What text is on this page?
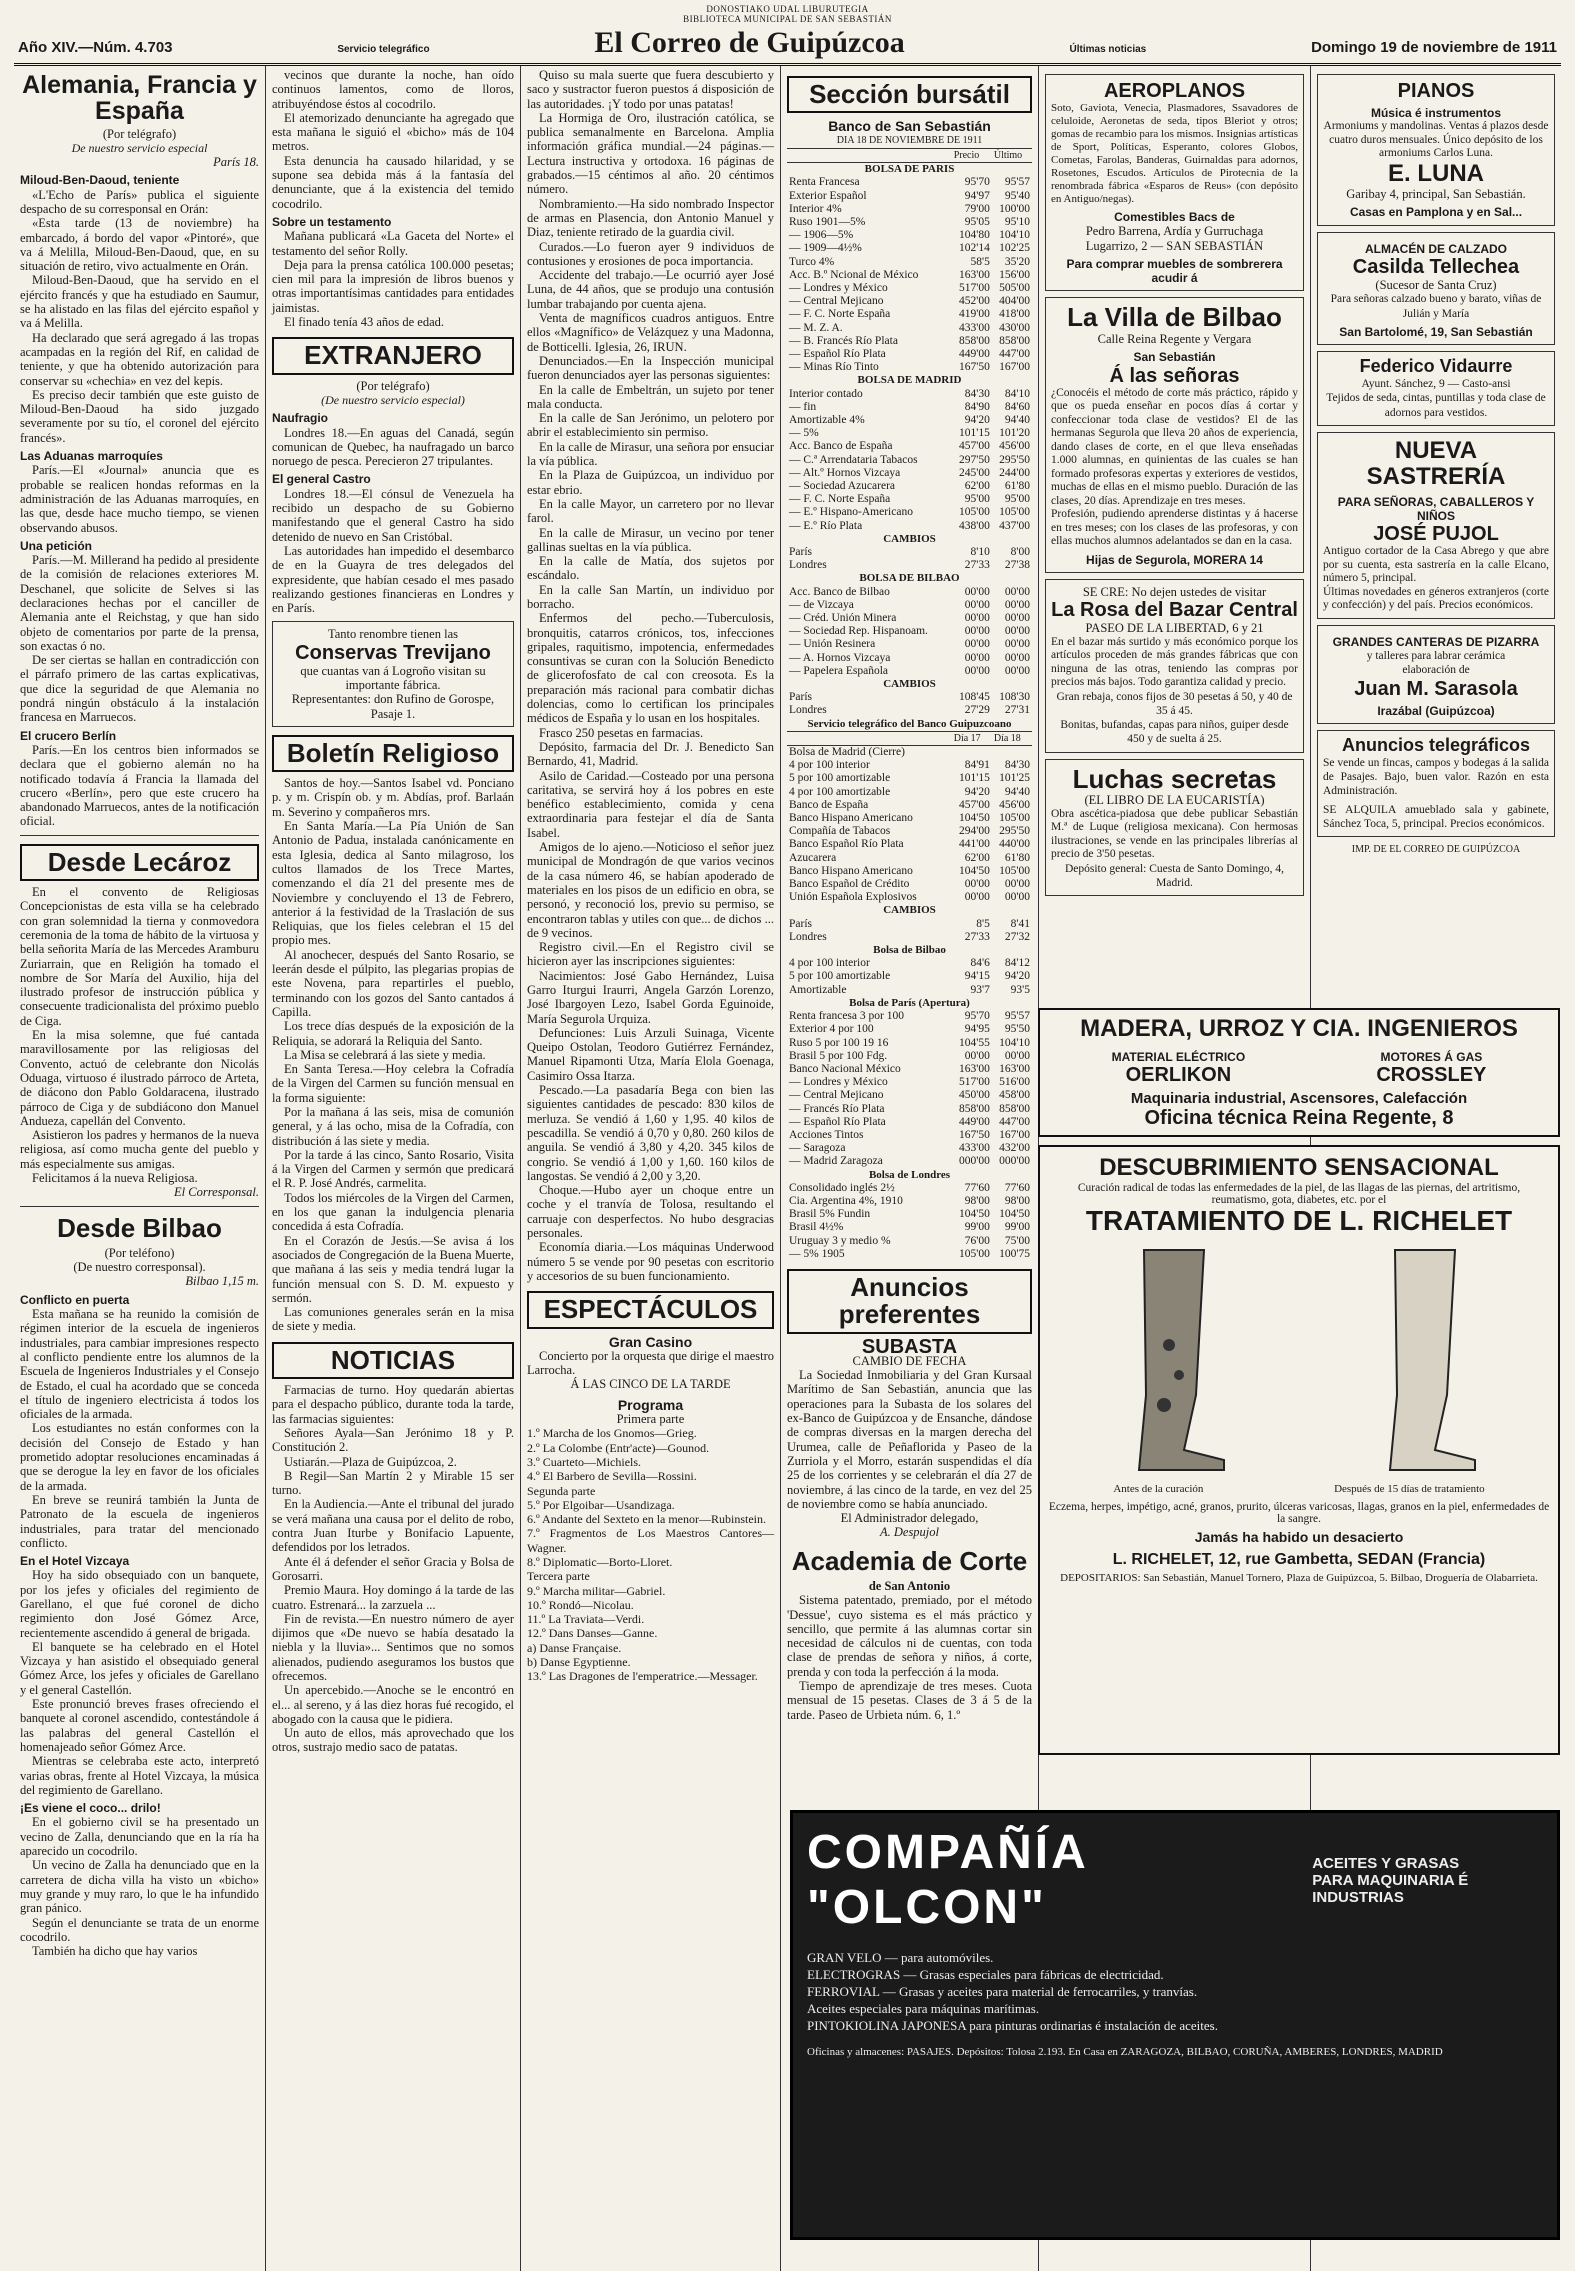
DONOSTIAKO UDAL LIBURUTEGIA
BIBLIOTECA MUNICIPAL DE SAN SEBASTIÁN
Año XIV.—Núm. 4.703	Servicio telegráfico	El Correo de Guipúzcoa	Últimas noticias	Domingo 19 de noviembre de 1911
Alemania, Francia y España
(Por telégrafo)
De nuestro servicio especial
París 18.
Miloud-Ben-Daoud, teniente

«L'Echo de París» publica el siguiente despacho de su corresponsal en Orán:

«Esta tarde (13 de noviembre) ha embarcado, á bordo del vapor «Pintoré», que va á Melilla, Miloud-Ben-Daoud, que, en su situación de retiro, vivo actualmente en Orán.

Miloud-Ben-Daoud, que ha servido en el ejército francés y que ha estudiado en Saumur, se ha alistado en las filas del ejército español y va á Melilla.

Ha declarado que será agregado á las tropas acampadas en la región del Rif, en calidad de teniente, y que ha obtenido autorización para conservar su «chechia» en vez del kepis.

Es preciso decir también que este guisto de Miloud-Ben-Daoud ha sido juzgado severamente por su tío, el coronel del ejército francés».

Las Aduanas marroquíes

París.—El «Journal» anuncia que es probable se realicen hondas reformas en la administración de las Aduanas marroquíes, en las que, desde hace mucho tiempo, se vienen observando abusos.

Una petición

París.—M. Millerand ha pedido al presidente de la comisión de relaciones exteriores M. Deschanel, que solicite de Selves si las declaraciones hechas por el canciller de Alemania ante el Reichstag, y que han sido objeto de comentarios por parte de la prensa, son exactas ó no.

De ser ciertas se hallan en contradicción con el párrafo primero de las cartas explicativas, que dice la seguridad de que Alemania no pondrá ningún obstáculo á la instalación francesa en Marruecos.

El crucero Berlín

París.—En los centros bien informados se declara que el gobierno alemán no ha notificado todavía á Francia la llamada del crucero «Berlín», pero que este crucero ha abandonado Marruecos, antes de la notificación oficial.

Desde Lecároz

En el convento de Religiosas Concepcionistas de esta villa se ha celebrado con gran solemnidad la tierna y conmovedora ceremonia de la toma de hábito de la virtuosa y bella señorita María de las Mercedes Aramburu Zuriarrain, que en Religión ha tomado el nombre de Sor María del Auxilio, hija del ilustrado profesor de instrucción pública y consecuente tradicionalista del próximo pueblo de Ciga.

En la misa solemne, que fué cantada maravillosamente por las religiosas del Convento, actuó de celebrante don Nicolás Oduaga, virtuoso é ilustrado párroco de Arteta, de diácono don Pablo Goldaracena, ilustrado párroco de Ciga y de subdiácono don Manuel Andueza, capellán del Convento.

Asistieron los padres y hermanos de la nueva religiosa, así como mucha gente del pueblo y más especialmente sus amigas.

Felicitamos á la nueva Religiosa.

El Corresponsal.
Desde Bilbao
(Por teléfono)
(De nuestro corresponsal).
Bilbao 1,15 m.
Conflicto en puerta

Esta mañana se ha reunido la comisión de régimen interior de la escuela de ingenieros industriales, para cambiar impresiones respecto al conflicto pendiente entre los alumnos de la Escuela de Ingenieros Industriales y el Consejo de Estado, el cual ha acordado que se conceda el título de ingeniero electricista á todos los oficiales de la armada.

Los estudiantes no están conformes con la decisión del Consejo de Estado y han prometido adoptar resoluciones encaminadas á que se derogue la ley en favor de los oficiales de la armada.

En breve se reunirá también la Junta de Patronato de la escuela de ingenieros industriales, para tratar del mencionado conflicto.

En el Hotel Vizcaya

Hoy ha sido obsequiado con un banquete, por los jefes y oficiales del regimiento de Garellano, el que fué coronel de dicho regimiento don José Gómez Arce, recientemente ascendido á general de brigada.

El banquete se ha celebrado en el Hotel Vizcaya y han asistido el obsequiado general Gómez Arce, los jefes y oficiales de Garellano y el general Castellón.

Este pronunció breves frases ofreciendo el banquete al coronel ascendido, contestándole á las palabras del general Castellón el homenajeado señor Gómez Arce.

Mientras se celebraba este acto, interpretó varias obras, frente al Hotel Vizcaya, la música del regimiento de Garellano.

¡Es viene el coco... drilo!

En el gobierno civil se ha presentado un vecino de Zalla, denunciando que en la ría ha aparecido un cocodrilo.

Un vecino de Zalla ha denunciado que en la carretera de dicha villa ha visto un «bicho» muy grande y muy raro, lo que le ha infundido gran pánico.

Según el denunciante se trata de un enorme cocodrilo.

También ha dicho que hay varios

vecinos que durante la noche, han oído continuos lamentos, como de lloros, atribuyéndose éstos al cocodrilo.

El atemorizado denunciante ha agregado que esta mañana le siguió el «bicho» más de 104 metros.

Esta denuncia ha causado hilaridad, y se supone sea debida más á la fantasía del denunciante, que á la existencia del temido cocodrilo.

Sobre un testamento

Mañana publicará «La Gaceta del Norte» el testamento del señor Rolly.

Deja para la prensa católica 100.000 pesetas; cien mil para la impresión de libros buenos y otras importantísimas cantidades para entidades jaimistas.

El finado tenía 43 años de edad.

EXTRANJERO
(Por telégrafo)
(De nuestro servicio especial)
Naufragio

Londres 18.—En aguas del Canadá, según comunican de Quebec, ha naufragado un barco noruego de pesca. Perecieron 27 tripulantes.

El general Castro

Londres 18.—El cónsul de Venezuela ha recibido un despacho de su Gobierno manifestando que el general Castro ha sido detenido de nuevo en San Cristóbal.

Las autoridades han impedido el desembarco de en la Guayra de tres delegados del expresidente, que habían cesado el mes pasado realizando gestiones financieras en Londres y en París.

Tanto renombre tienen las
Conservas Trevijano
que cuantas van á Logroño visitan su importante fábrica.
Representantes: don Rufino de Gorospe, Pasaje 1.
Boletín Religioso

Santos de hoy.—Santos Isabel vd. Ponciano p. y m. Crispín ob. y m. Abdías, prof. Barlaán m. Severino y compañeros mrs.

En Santa María.—La Pía Unión de San Antonio de Padua, instalada canónicamente en esta Iglesia, dedica al Santo milagroso, los cultos llamados de los Trece Martes, comenzando el día 21 del presente mes de Noviembre y concluyendo el 13 de Febrero, anterior á la festividad de la Traslación de sus Reliquias, que los fieles celebran el 15 del propio mes.

Al anochecer, después del Santo Rosario, se leerán desde el púlpito, las plegarias propias de este Novena, para repartirles el pueblo, terminando con los gozos del Santo cantados á Capilla.

Los trece días después de la exposición de la Reliquia, se adorará la Reliquia del Santo.

La Misa se celebrará á las siete y media.

En Santa Teresa.—Hoy celebra la Cofradía de la Virgen del Carmen su función mensual en la forma siguiente:

Por la mañana á las seis, misa de comunión general, y á las ocho, misa de la Cofradía, con distribución á las siete y media.

Por la tarde á las cinco, Santo Rosario, Visita á la Virgen del Carmen y sermón que predicará el R. P. José Andrés, carmelita.

Todos los miércoles de la Virgen del Carmen, en los que ganan la indulgencia plenaria concedida á esta Cofradía.

En el Corazón de Jesús.—Se avisa á los asociados de Congregación de la Buena Muerte, que mañana á las seis y media tendrá lugar la función mensual con S. D. M. expuesto y sermón.

Las comuniones generales serán en la misa de siete y media.

NOTICIAS

Farmacias de turno. Hoy quedarán abiertas para el despacho público, durante toda la tarde, las farmacias siguientes:

Señores Ayala—San Jerónimo 18 y P. Constitución 2.

Ustiarán.—Plaza de Guipúzcoa, 2.

B Regil—San Martín 2 y Mirable 15 ser turno.

En la Audiencia.—Ante el tribunal del jurado se verá mañana una causa por el delito de robo, contra Juan Iturbe y Bonifacio Lapuente, defendidos por los letrados.

Ante él á defender el señor Gracia y Bolsa de Gorosarri.

Premio Maura. Hoy domingo á la tarde de las cuatro. Estrenará... la zarzuela ...

Fin de revista.—En nuestro número de ayer dijimos que «De nuevo se había desatado la niebla y la lluvia»... Sentimos que no somos alienados, pudiendo aseguramos los bustos que ofrecemos.

Un apercebido.—Anoche se le encontró en el... al sereno, y á las diez horas fué recogido, el abogado con la causa que le pidiera.

Un auto de ellos, más aprovechado que los otros, sustrajo medio saco de patatas.

Quiso su mala suerte que fuera descubierto y saco y sustractor fueron puestos á disposición de las autoridades. ¡Y todo por unas patatas!

La Hormiga de Oro, ilustración católica, se publica semanalmente en Barcelona. Amplia información gráfica mundial.—24 páginas.—Lectura instructiva y ortodoxa. 16 páginas de grabados.—15 céntimos al año. 20 céntimos número.

Nombramiento.—Ha sido nombrado Inspector de armas en Plasencia, don Antonio Manuel y Diaz, teniente retirado de la guardia civil.

Curados.—Lo fueron ayer 9 individuos de contusiones y erosiones de poca importancia.

Accidente del trabajo.—Le ocurrió ayer José Luna, de 44 años, que se produjo una contusión lumbar trabajando por cuenta ajena.

Venta de magníficos cuadros antiguos. Entre ellos «Magnífico» de Velázquez y una Madonna, de Botticelli. Iglesia, 26, IRUN.

Denunciados.—En la Inspección municipal fueron denunciados ayer las personas siguientes:

En la calle de Embeltrán, un sujeto por tener mala conducta.

En la calle de San Jerónimo, un pelotero por abrir el establecimiento sin permiso.

En la calle de Mirasur, una señora por ensuciar la vía pública.

En la Plaza de Guipúzcoa, un individuo por estar ebrio.

En la calle Mayor, un carretero por no llevar farol.

En la calle de Mirasur, un vecino por tener gallinas sueltas en la vía pública.

En la calle de Matía, dos sujetos por escándalo.

En la calle San Martín, un individuo por borracho.

Enfermos del pecho.—Tuberculosis, bronquitis, catarros crónicos, tos, infecciones gripales, raquitismo, impotencia, enfermedades consuntivas se curan con la Solución Benedicto de glicerofosfato de cal con creosota. Es la preparación más racional para combatir dichas dolencias, como lo certifican los principales médicos de España y lo usan en los hospitales.

Frasco 250 pesetas en farmacias.

Depósito, farmacia del Dr. J. Benedicto San Bernardo, 41, Madrid.

Asilo de Caridad.—Costeado por una persona caritativa, se servirá hoy á los pobres en este benéfico establecimiento, comida y cena extraordinaria para festejar el día de Santa Isabel.

Amigos de lo ajeno.—Noticioso el señor juez municipal de Mondragón de que varios vecinos de la casa número 46, se habían apoderado de materiales en los pisos de un edificio en obra, se personó, y reconoció los, previo su permiso, se encontraron tablas y utiles con que... de dichos ... de 9 vecinos.

Registro civil.—En el Registro civil se hicieron ayer las inscripciones siguientes:

Nacimientos: José Gabo Hernández, Luisa Garro Iturgui Iraurri, Angela Garzón Lorenzo, José Ibargoyen Lezo, Isabel Gorda Eguinoide, María Segurola Urquiza.

Defunciones: Luis Arzuli Suinaga, Vicente Queipo Ostolan, Teodoro Gutiérrez Fernández, Manuel Ripamonti Utza, María Elola Goenaga, Casimiro Ossa Itarza.

Pescado.—La pasadaría Bega con bien las siguientes cantidades de pescado: 830 kilos de merluza. Se vendió á 1,60 y 1,95. 40 kilos de pescadilla. Se vendió á 0,70 y 0,80. 260 kilos de anguila. Se vendió á 3,80 y 4,20. 345 kilos de congrio. Se vendió á 1,00 y 1,60. 160 kilos de langostas. Se vendió á 2,00 y 3,20.

Choque.—Hubo ayer un choque entre un coche y el tranvía de Tolosa, resultando el carruaje con desperfectos. No hubo desgracias personales.

Economía diaria.—Los máquinas Underwood número 5 se vende por 90 pesetas con escritorio y accesorios de su buen funcionamiento.

ESPECTÁCULOS
Gran Casino

Concierto por la orquesta que dirige el maestro Larrocha.

Á LAS CINCO DE LA TARDE
Programa
Primera parte
1.º Marcha de los Gnomos—Grieg.
2.º La Colombe (Entr'acte)—Gounod.
3.º Cuarteto—Michiels.
4.º El Barbero de Sevilla—Rossini.
Segunda parte
5.º Por Elgoibar—Usandizaga.
6.º Andante del Sexteto en la menor—Rubinstein.
7.º Fragmentos de Los Maestros Cantores—Wagner.
8.º Diplomatic—Borto-Lloret.
Tercera parte
9.º Marcha militar—Gabriel.
10.º Rondó—Nicolau.
11.º La Traviata—Verdi.
12.º Dans Danses—Ganne.
a) Danse Française.
b) Danse Egyptienne.
13.º Las Dragones de l'emperatrice.—Messager.
Sección bursátil
Banco de San Sebastián
DIA 18 DE NOVIEMBRE DE 1911
	Precio	Último
BOLSA DE PARIS		
Renta Francesa	95'70	95'57
Exterior Español	94'97	95'40
Interior 4%	79'00	100'00
Ruso 1901—5%	95'05	95'10
— 1906—5%	104'80	104'10
— 1909—4½%	102'14	102'25
Turco 4%	58'5	35'20
Acc. B.º Ncional de México	163'00	156'00
— Londres y México	517'00	505'00
— Central Mejicano	452'00	404'00
— F. C. Norte España	419'00	418'00
— M. Z. A.	433'00	430'00
— B. Francés Río Plata	858'00	858'00
— Español Río Plata	449'00	447'00
— Minas Río Tinto	167'50	167'00
BOLSA DE MADRID		
Interior contado	84'30	84'10
— fin	84'90	84'60
Amortizable 4%	94'20	94'40
— 5%	101'15	101'20
Acc. Banco de España	457'00	456'00
— C.ª Arrendataria Tabacos	297'50	295'50
— Alt.º Hornos Vizcaya	245'00	244'00
— Sociedad Azucarera	62'00	61'80
— F. C. Norte España	95'00	95'00
— E.º Hispano-Americano	105'00	105'00
— E.º Río Plata	438'00	437'00
CAMBIOS		
París	8'10	8'00
Londres	27'33	27'38
BOLSA DE BILBAO		
Acc. Banco de Bilbao	00'00	00'00
— de Vizcaya	00'00	00'00
— Créd. Unión Minera	00'00	00'00
— Sociedad Rep. Hispanoam.	00'00	00'00
— Unión Resinera	00'00	00'00
— A. Hornos Vizcaya	00'00	00'00
— Papelera Española	00'00	00'00
CAMBIOS		
París	108'45	108'30
Londres	27'29	27'31
Servicio telegráfico del Banco Guipuzcoano		
	Día 17	Día 18
Bolsa de Madrid (Cierre)		
4 por 100 interior	84'91	84'30
5 por 100 amortizable	101'15	101'25
4 por 100 amortizable	94'20	94'40
Banco de España	457'00	456'00
Banco Hispano Americano	104'50	105'00
Compañía de Tabacos	294'00	295'50
Banco Español Río Plata	441'00	440'00
Azucarera	62'00	61'80
Banco Hispano Americano	104'50	105'00
Banco Español de Crédito	00'00	00'00
Unión Española Explosivos	00'00	00'00
CAMBIOS		
París	8'5	8'41
Londres	27'33	27'32
Bolsa de Bilbao		
4 por 100 interior	84'6	84'12
5 por 100 amortizable	94'15	94'20
Amortizable	93'7	93'5
Bolsa de París (Apertura)		
Renta francesa 3 por 100	95'70	95'57
Exterior 4 por 100	94'95	95'50
Ruso 5 por 100 19 16	104'55	104'10
Brasil 5 por 100 Fdg.	00'00	00'00
Banco Nacional México	163'00	163'00
— Londres y México	517'00	516'00
— Central Mejicano	450'00	458'00
— Francés Río Plata	858'00	858'00
— Español Río Plata	449'00	447'00
Acciones Tintos	167'50	167'00
— Saragoza	433'00	432'00
— Madrid Zaragoza	000'00	000'00
Bolsa de Londres		
Consolidado inglés 2½	77'60	77'60
Cia. Argentina 4%, 1910	98'00	98'00
Brasil 5% Fundin	104'50	104'50
Brasil 4½%	99'00	99'00
Uruguay 3 y medio %	76'00	75'00
— 5% 1905	105'00	100'75
Anuncios preferentes
SUBASTA
CAMBIO DE FECHA
La Sociedad Inmobiliaria y del Gran Kursaal Marítimo de San Sebastián, anuncia que las operaciones para la Subasta de los solares del ex-Banco de Guipúzcoa y de Ensanche, dándose de compras diversas en la margen derecha del Urumea, calle de Peñaflorida y Paseo de la Zurriola y el Morro, estarán suspendidas el día 25 de los corrientes y se celebrarán el día 27 de noviembre, á las cinco de la tarde, en vez del 25 de noviembre como se había anunciado.
El Administrador delegado,
A. Despujol
Academia de Corte
de San Antonio
Sistema patentado, premiado, por el método 'Dessue', cuyo sistema es el más práctico y sencillo, que permite á las alumnas cortar sin necesidad de cálculos ni de cuentas, con toda clase de prendas de señora y niños, á corte, prenda y con toda la perfección á la moda.
Tiempo de aprendizaje de tres meses. Cuota mensual de 15 pesetas. Clases de 3 á 5 de la tarde. Paseo de Urbieta núm. 6, 1.º
AEROPLANOS
Soto, Gaviota, Venecia, Plasmadores, Ssavadores de celuloide, Aeronetas de seda, tipos Bleriot y otros; gomas de recambio para los mismos. Insignias artísticas de Sport, Políticas, Esperanto, colores Globos, Cometas, Farolas, Banderas, Guirnaldas para adornos, Rosetones, Escudos. Artículos de Pirotecnia de la renombrada fábrica «Esparos de Reus» (con depósito en Antiguo/negas).
Comestibles Bacs de
Pedro Barrena, Ardía y Gurruchaga
Lugarrizo, 2 — SAN SEBASTIÁN
Para comprar muebles de sombrerera acudir á
La Villa de Bilbao
Calle Reina Regente y Vergara
San Sebastián
Á las señoras
¿Conocéis el método de corte más práctico, rápido y que os pueda enseñar en pocos días á cortar y confeccionar toda clase de vestidos? El de las hermanas Segurola que lleva 20 años de experiencia, dando clases de corte, en el que lleva enseñadas 1.000 alumnas, en quinientas de las cuales se han formado profesoras expertas y exteriores de vestidos, muchas de ellas en el mismo pueblo. Duración de las clases, 20 días. Aprendizaje en tres meses.
Profesión, pudiendo aprenderse distintas y á hacerse en tres meses; con los clases de las profesoras, y con ellas muchos alumnos adelantados se dan en la casa.
Hijas de Segurola, MORERA 14
SE CRE: No dejen ustedes de visitar
La Rosa del Bazar Central
PASEO DE LA LIBERTAD, 6 y 21
En el bazar más surtido y más económico porque los artículos proceden de más grandes fábricas que con ninguna de las otras, teniendo las compras por precios más bajos. Todo garantiza calidad y precio.
Gran rebaja, conos fijos de 30 pesetas á 50, y 40 de 35 á 45.
Bonitas, bufandas, capas para niños, guiper desde 450 y de suelta á 25.
Luchas secretas
(EL LIBRO DE LA EUCARISTÍA)
Obra ascética-piadosa que debe publicar Sebastián M.ª de Luque (religiosa mexicana). Con hermosas ilustraciones, se vende en las principales librerías al precio de 3'50 pesetas.
Depósito general: Cuesta de Santo Domingo, 4, Madrid.
PIANOS
Música é instrumentos
Armoniums y mandolinas. Ventas á plazos desde cuatro duros mensuales. Único depósito de los armoniums Carlos Luna.
E. LUNA
Garibay 4, principal, San Sebastián.
Casas en Pamplona y en Sal...
ALMACÉN DE CALZADO
Casilda Tellechea
(Sucesor de Santa Cruz)
Para señoras calzado bueno y barato, viñas de Julián y María
San Bartolomé, 19, San Sebastián
Federico Vidaurre
Ayunt. Sánchez, 9 — Casto-ansi
Tejidos de seda, cintas, puntillas y toda clase de adornos para vestidos.
NUEVA SASTRERÍA
PARA SEÑORAS, CABALLEROS Y NIÑOS
JOSÉ PUJOL
Antiguo cortador de la Casa Abrego y que abre por su cuenta, esta sastrería en la calle Elcano, número 5, principal.
Últimas novedades en géneros extranjeros (corte y confección) y del país. Precios económicos.
GRANDES CANTERAS DE PIZARRA
y talleres para labrar cerámica
elaboración de
Juan M. Sarasola
Irazábal (Guipúzcoa)
Anuncios telegráficos
Se vende un fincas, campos y bodegas á la salida de Pasajes. Bajo, buen valor. Razón en esta Administración.
SE ALQUILA amueblado sala y gabinete, Sánchez Toca, 5, principal. Precios económicos.
IMP. DE EL CORREO DE GUIPÚZCOA
MADERA, URROZ Y CIA. INGENIEROS
MATERIAL ELÉCTRICO
OERLIKON
MOTORES Á GAS
CROSSLEY
Maquinaria industrial, Ascensores, Calefacción
Oficina técnica Reina Regente, 8
DESCUBRIMIENTO SENSACIONAL
Curación radical de todas las enfermedades de la piel, de las llagas de las piernas, del artritismo, reumatismo, gota, diabetes, etc. por el
TRATAMIENTO DE L. RICHELET
Antes de la curación	Después de 15 días de tratamiento
Eczema, herpes, impétigo, acné, granos, prurito, úlceras varicosas, llagas, granos en la piel, enfermedades de la sangre.
Jamás ha habido un desacierto
L. RICHELET, 12, rue Gambetta, SEDAN (Francia)
DEPOSITARIOS: San Sebastián, Manuel Tornero, Plaza de Guipúzcoa, 5. Bilbao, Droguería de Olabarrieta.
COMPAÑÍA "OLCON"
ACEITES Y GRASAS
PARA MAQUINARIA É INDUSTRIAS
GRAN VELO — para automóviles.
ELECTROGRAS — Grasas especiales para fábricas de electricidad.
FERROVIAL — Grasas y aceites para material de ferrocarriles, y tranvías.
Aceites especiales para máquinas marítimas.
PINTOKIOLINA JAPONESA para pinturas ordinarias é instalación de aceites.
Oficinas y almacenes: PASAJES. Depósitos: Tolosa 2.193. En Casa en ZARAGOZA, BILBAO, CORUÑA, AMBERES, LONDRES, MADRID
